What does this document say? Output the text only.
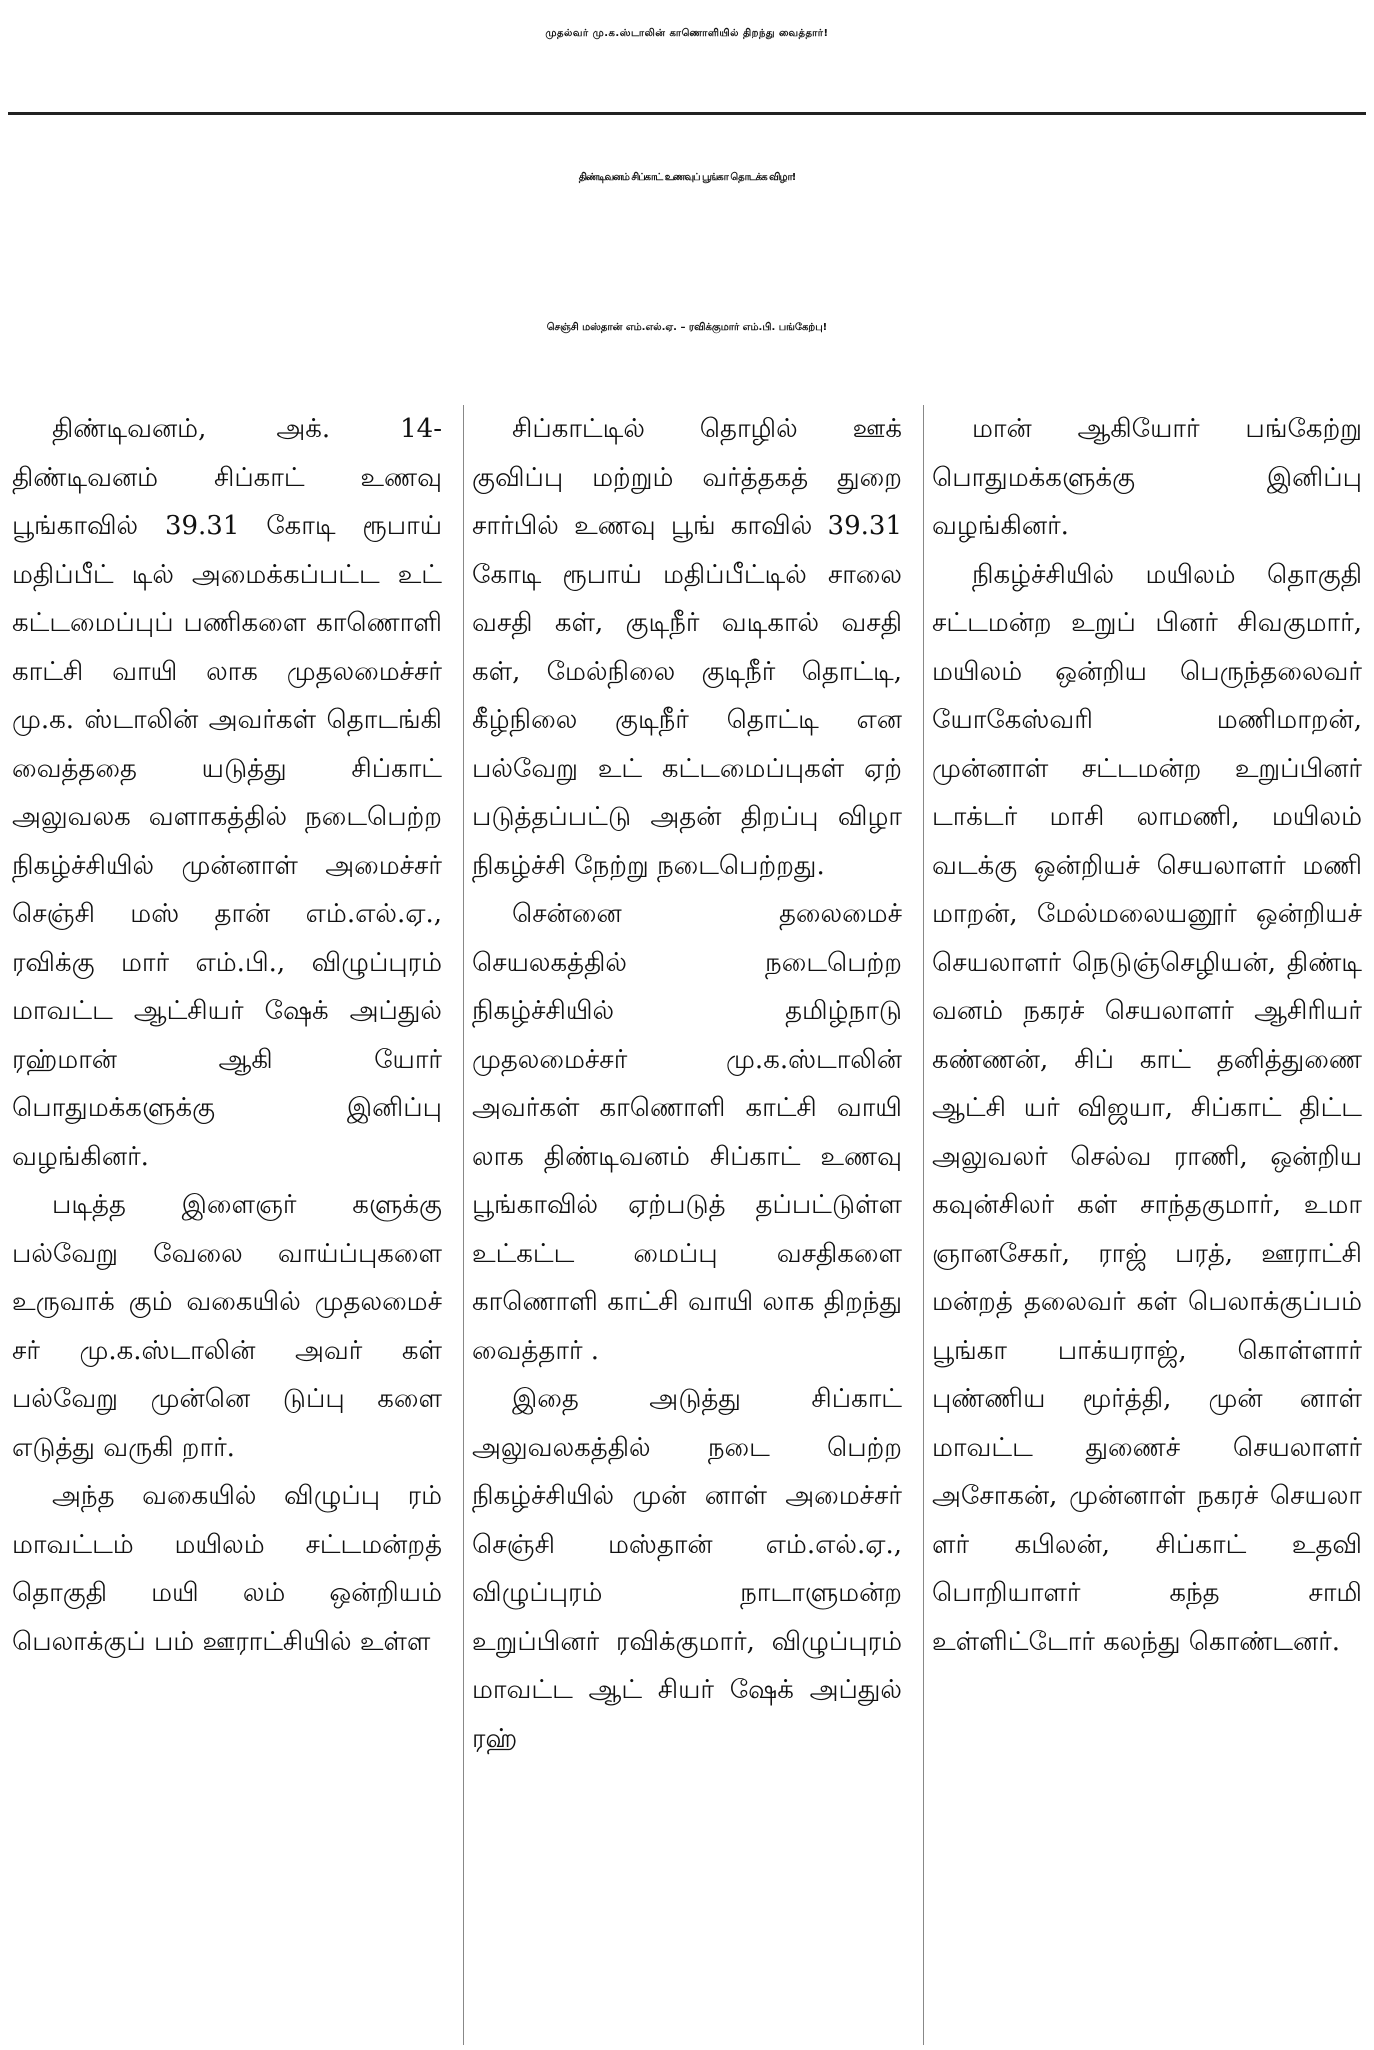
முதல்வர் மு.க.ஸ்டாலின் காணொளியில் திறந்து வைத்தார்!
திண்டிவனம் சிப்காட் உணவுப் பூங்கா தொடக்க விழா!
செஞ்சி மஸ்தான் எம்.எல்.ஏ. – ரவிக்குமார் எம்.பி. பங்கேற்பு!

திண்டிவனம், அக். 14- திண்டிவனம் சிப்காட் உணவு பூங்காவில் 39.31 கோடி ரூபாய் மதிப்பீட் டில் அமைக்கப்பட்ட உட் கட்டமைப்புப் பணிகளை காணொளி காட்சி வாயி லாக முதலமைச்சர் மு.க. ஸ்டாலின் அவர்கள் தொடங்கி வைத்ததை யடுத்து சிப்காட் அலுவலக வளாகத்தில் நடைபெற்ற நிகழ்ச்சியில் முன்னாள் அமைச்சர் செஞ்சி மஸ் தான் எம்.எல்.ஏ., ரவிக்கு மார் எம்.பி., விழுப்புரம் மாவட்ட ஆட்சியர் ஷேக் அப்துல் ரஹ்மான் ஆகி யோர் பொதுமக்களுக்கு இனிப்பு வழங்கினர்.

படித்த இளைஞர் களுக்கு பல்வேறு வேலை வாய்ப்புகளை உருவாக் கும் வகையில் முதலமைச் சர் மு.க.ஸ்டாலின் அவர் கள் பல்வேறு முன்னெ டுப்பு களை எடுத்து வருகி றார்.

அந்த வகையில் விழுப்பு ரம் மாவட்டம் மயிலம் சட்டமன்றத் தொகுதி மயி லம் ஒன்றியம் பெலாக்குப் பம் ஊராட்சியில் உள்ள

சிப்காட்டில் தொழில் ஊக் குவிப்பு மற்றும் வர்த்தகத் துறை சார்பில் உணவு பூங் காவில் 39.31 கோடி ரூபாய் மதிப்பீட்டில் சாலை வசதி கள், குடிநீர் வடிகால் வசதி கள், மேல்நிலை குடிநீர் தொட்டி, கீழ்நிலை குடிநீர் தொட்டி என பல்வேறு உட் கட்டமைப்புகள் ஏற் படுத்தப்பட்டு அதன் திறப்பு விழா நிகழ்ச்சி நேற்று நடைபெற்றது.

சென்னை தலைமைச் செயலகத்தில் நடைபெற்ற நிகழ்ச்சியில் தமிழ்நாடு முதலமைச்சர் மு.க.ஸ்டாலின் அவர்கள் காணொளி காட்சி வாயி லாக திண்டிவனம் சிப்காட் உணவு பூங்காவில் ஏற்படுத் தப்பட்டுள்ள உட்கட்ட மைப்பு வசதிகளை காணொளி காட்சி வாயி லாக திறந்து வைத்தார் .

இதை அடுத்து சிப்காட் அலுவலகத்தில் நடை பெற்ற நிகழ்ச்சியில் முன் னாள் அமைச்சர் செஞ்சி மஸ்தான் எம்.எல்.ஏ., விழுப்புரம் நாடாளுமன்ற உறுப்பினர் ரவிக்குமார், விழுப்புரம் மாவட்ட ஆட் சியர் ஷேக் அப்துல் ரஹ்

மான் ஆகியோர் பங்கேற்று பொதுமக்களுக்கு இனிப்பு வழங்கினர்.

நிகழ்ச்சியில் மயிலம் தொகுதி சட்டமன்ற உறுப் பினர் சிவகுமார், மயிலம் ஒன்றிய பெருந்தலைவர் யோகேஸ்வரி மணிமாறன், முன்னாள் சட்டமன்ற உறுப்பினர் டாக்டர் மாசி லாமணி, மயிலம் வடக்கு ஒன்றியச் செயலாளர் மணி மாறன், மேல்மலையனூர் ஒன்றியச் செயலாளர் நெடுஞ்செழியன், திண்டி வனம் நகரச் செயலாளர் ஆசிரியர் கண்ணன், சிப் காட் தனித்துணை ஆட்சி யர் விஜயா, சிப்காட் திட்ட அலுவலர் செல்வ ராணி, ஒன்றிய கவுன்சிலர் கள் சாந்தகுமார், உமா ஞானசேகர், ராஜ் பரத், ஊராட்சி மன்றத் தலைவர் கள் பெலாக்குப்பம் பூங்கா பாக்யராஜ், கொள்ளார் புண்ணிய மூர்த்தி, முன் னாள் மாவட்ட துணைச் செயலாளர் அசோகன், முன்னாள் நகரச் செயலா ளர் கபிலன், சிப்காட் உதவி பொறியாளர் கந்த சாமி உள்ளிட்டோர் கலந்து கொண்டனர்.
